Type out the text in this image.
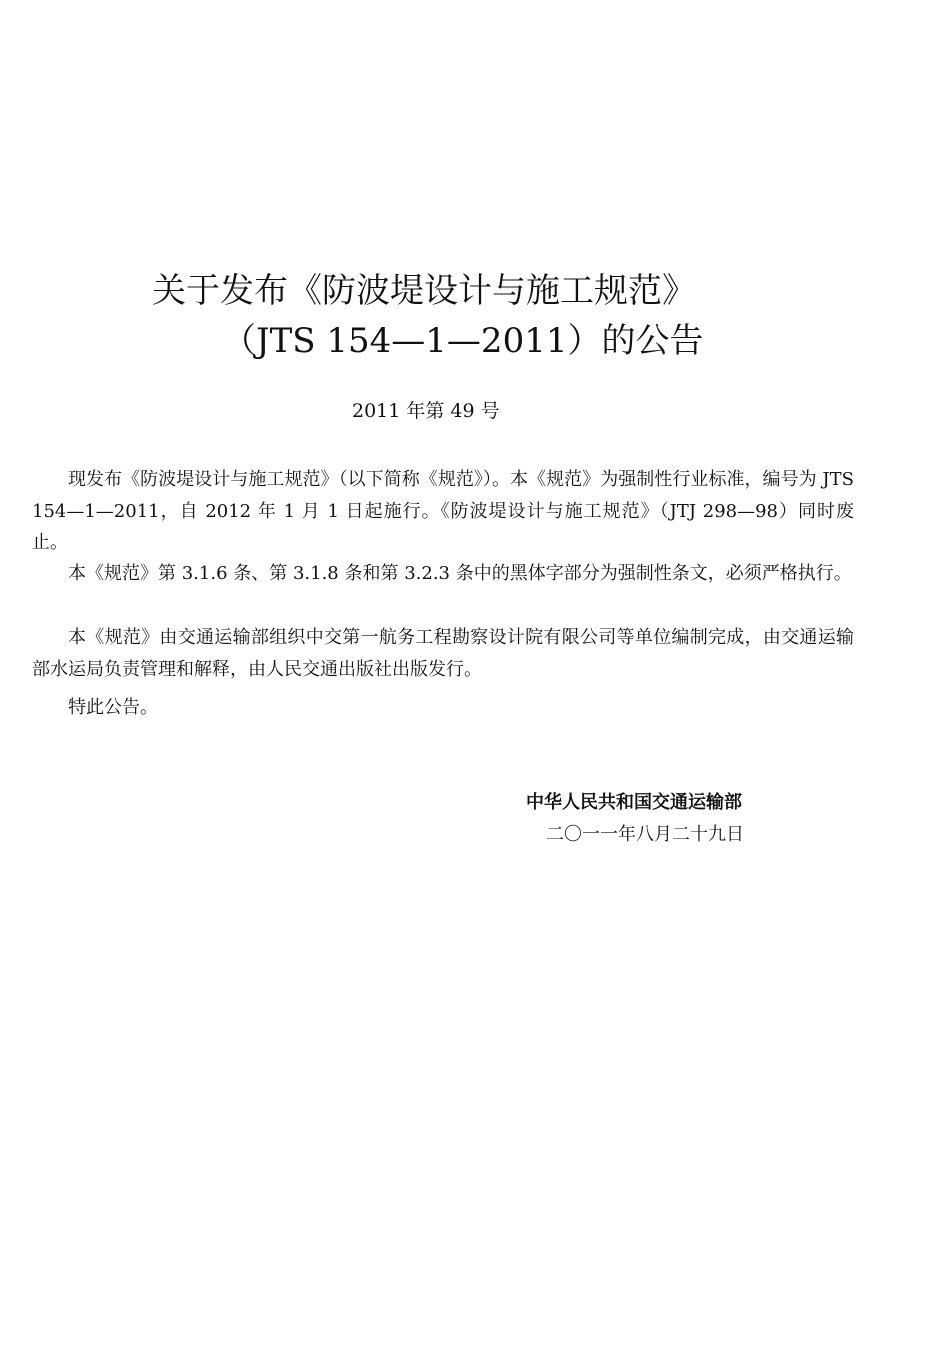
关于发布《防波堤设计与施工规范》
（JTS 154—1—2011）的公告
2011 年第 49 号

现发布《防波堤设计与施工规范》（以下简称《规范》）。本《规范》为强制性行业标准，编号为 JTS 154—1—2011，自 2012 年 1 月 1 日起施行。《防波堤设计与施工规范》（JTJ 298—98）同时废止。

本《规范》第 3.1.6 条、第 3.1.8 条和第 3.2.3 条中的黑体字部分为强制性条文，必须严格执行。

本《规范》由交通运输部组织中交第一航务工程勘察设计院有限公司等单位编制完成，由交通运输部水运局负责管理和解释，由人民交通出版社出版发行。

特此公告。

中华人民共和国交通运输部
二〇一一年八月二十九日
